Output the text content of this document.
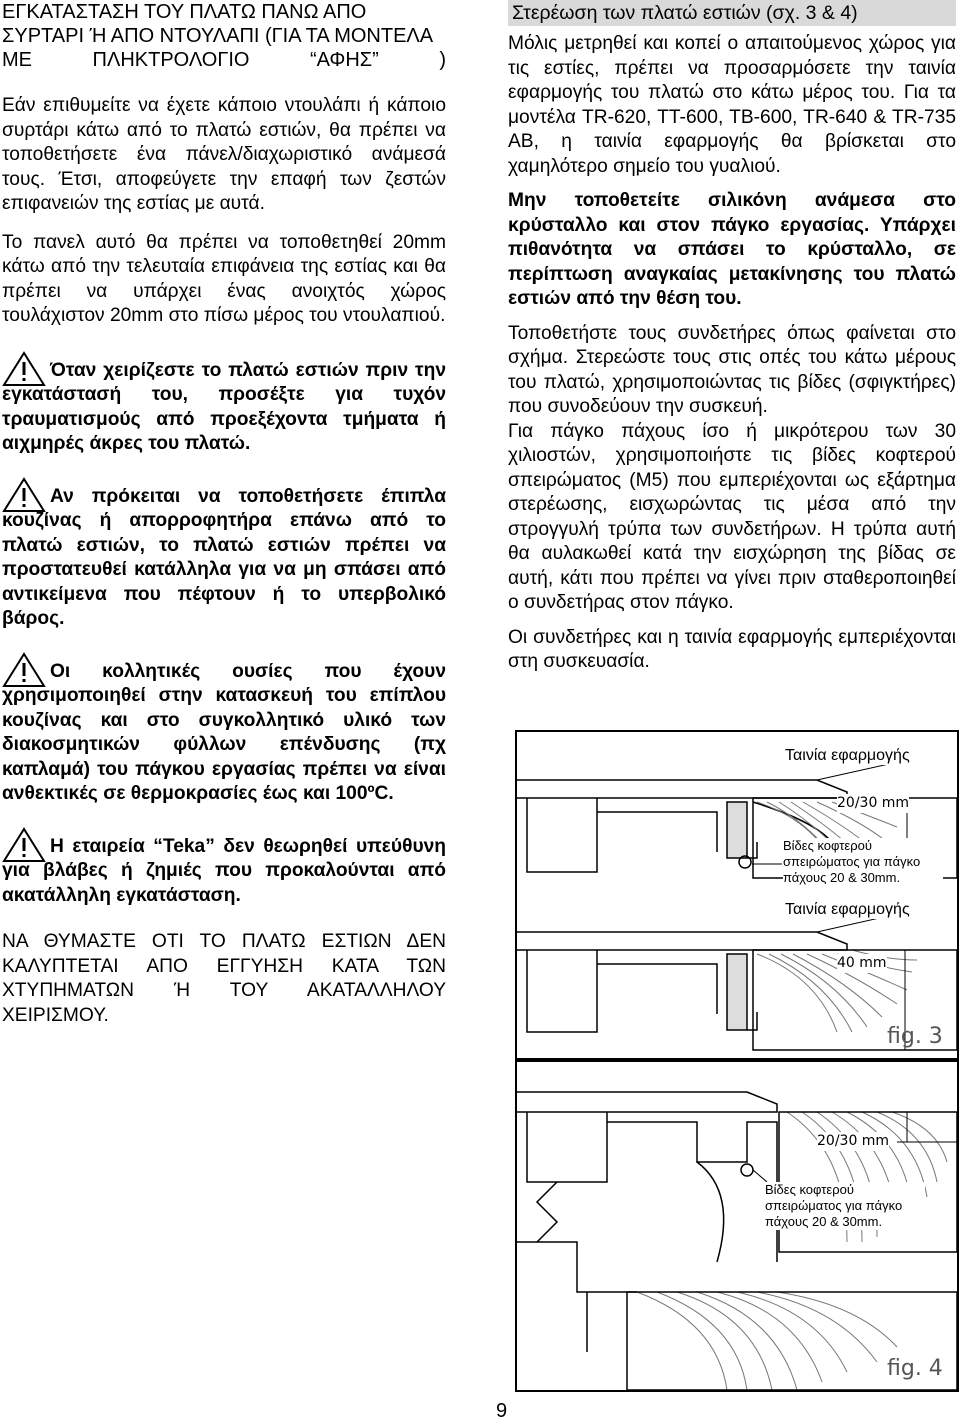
ΕΓΚΑΤΑΣΤΑΣΗ ΤΟΥ ΠΛΑΤΩ ΠΑΝΩ ΑΠΟ ΣΥΡΤΑΡΙ Ή ΑΠΟ ΝΤΟΥΛΑΠΙ (ΓΙΑ ΤΑ ΜΟΝΤΕΛΑ ΜΕ ΠΛΗΚΤΡΟΛΟΓΙΟ “ΑΦΗΣ” )

Εάν επιθυμείτε να έχετε κάποιο ντουλάπι ή κάποιο συρτάρι κάτω από το πλατώ εστιών, θα πρέπει να τοποθετήσετε ένα πάνελ/διαχωριστικό ανάμεσά τους. Έτσι, αποφεύγετε την επαφή των ζεστών επιφανειών της εστίας με αυτά.

Το πανελ αυτό θα πρέπει να τοποθετηθεί 20mm κάτω από την τελευταία επιφάνεια της εστίας και θα πρέπει να υπάρχει ένας ανοιχτός χώρος τουλάχιστον 20mm στο πίσω μέρος του ντουλαπιού.

Όταν χειρίζεστε το πλατώ εστιών πριν την εγκατάστασή του, προσέξτε για τυχόν τραυματισμούς από προεξέχοντα τμήματα ή αιχμηρές άκρες του πλατώ.

Αν πρόκειται να τοποθετήσετε έπιπλα κουζίνας ή απορροφητήρα επάνω από το πλατώ εστιών, το πλατώ εστιών πρέπει να προστατευθεί κατάλληλα για να μη σπάσει από αντικείμενα που πέφτουν ή το υπερβολικό βάρος.

Οι κολλητικές ουσίες που έχουν χρησιμοποιηθεί στην κατασκευή του επίπλου κουζίνας και στο συγκολλητικό υλικό των διακοσμητικών φύλλων επένδυσης (πχ καπλαμά) του πάγκου εργασίας πρέπει να είναι ανθεκτικές σε θερμοκρασίες έως και 100ºC.

Η εταιρεία “Teka” δεν θεωρηθεί υπεύθυνη για βλάβες ή ζημιές που προκαλούνται από ακατάλληλη εγκατάσταση.

ΝΑ ΘΥΜΑΣΤΕ ΟΤΙ ΤΟ ΠΛΑΤΩ ΕΣΤΙΩΝ ΔΕΝ ΚΑΛΥΠΤΕΤΑΙ ΑΠΟ ΕΓΓΥΗΣΗ ΚΑΤΑ ΤΩΝ ΧΤΥΠΗΜΑΤΩΝ Ή ΤΟΥ ΑΚΑΤΑΛΛΗΛΟΥ ΧΕΙΡΙΣΜΟΥ.

Στερέωση των πλατώ εστιών (σχ. 3 & 4)

Μόλις μετρηθεί και κοπεί ο απαιτούμενος χώρος για τις εστίες, πρέπει να προσαρμόσετε την ταινία εφαρμογής του πλατώ στο κάτω μέρος του. Για τα μοντέλα TR-620, TT-600, TB-600, TR-640 & TR-735 AB, η ταινία εφαρμογής θα βρίσκεται στο χαμηλότερο σημείο του γυαλιού.

Μην τοποθετείτε σιλικόνη ανάμεσα στο κρύσταλλο και στον πάγκο εργασίας. Υπάρχει πιθανότητα να σπάσει το κρύσταλλο, σε περίπτωση αναγκαίας μετακίνησης του πλατώ εστιών από την θέση του.

Τοποθετήστε τους συνδετήρες όπως φαίνεται στο σχήμα. Στερεώστε τους στις οπές του κάτω μέρους του πλατώ, χρησιμοποιώντας τις βίδες (σφιγκτήρες) που συνοδεύουν την συσκευή.

Για πάγκο πάχους ίσο ή μικρότερου των 30 χιλιοστών, χρησιμοποιήστε τις βίδες κοφτερού σπειρώματος (M5) που εμπεριέχονται ως εξάρτημα στερέωσης, εισχωρώντας τις μέσα από την στρογγυλή τρύπα των συνδετήρων. Η τρύπα αυτή θα αυλακωθεί κατά την εισχώρηση της βίδας σε αυτή, κάτι που πρέπει να γίνει πριν σταθεροποιηθεί ο συνδετήρας στον πάγκο.

Οι συνδετήρες και η ταινία εφαρμογής εμπεριέχονται στη συσκευασία.

Ταινία εφαρμογής
20/30 mm
Βίδες κοφτερού σπειρώματος για πάγκο πάχους 20 & 30mm.
Ταινία εφαρμογής
40 mm
fig. 3
20/30 mm
Βίδες κοφτερού σπειρώματος για πάγκο πάχους 20 & 30mm.
fig. 4
9
